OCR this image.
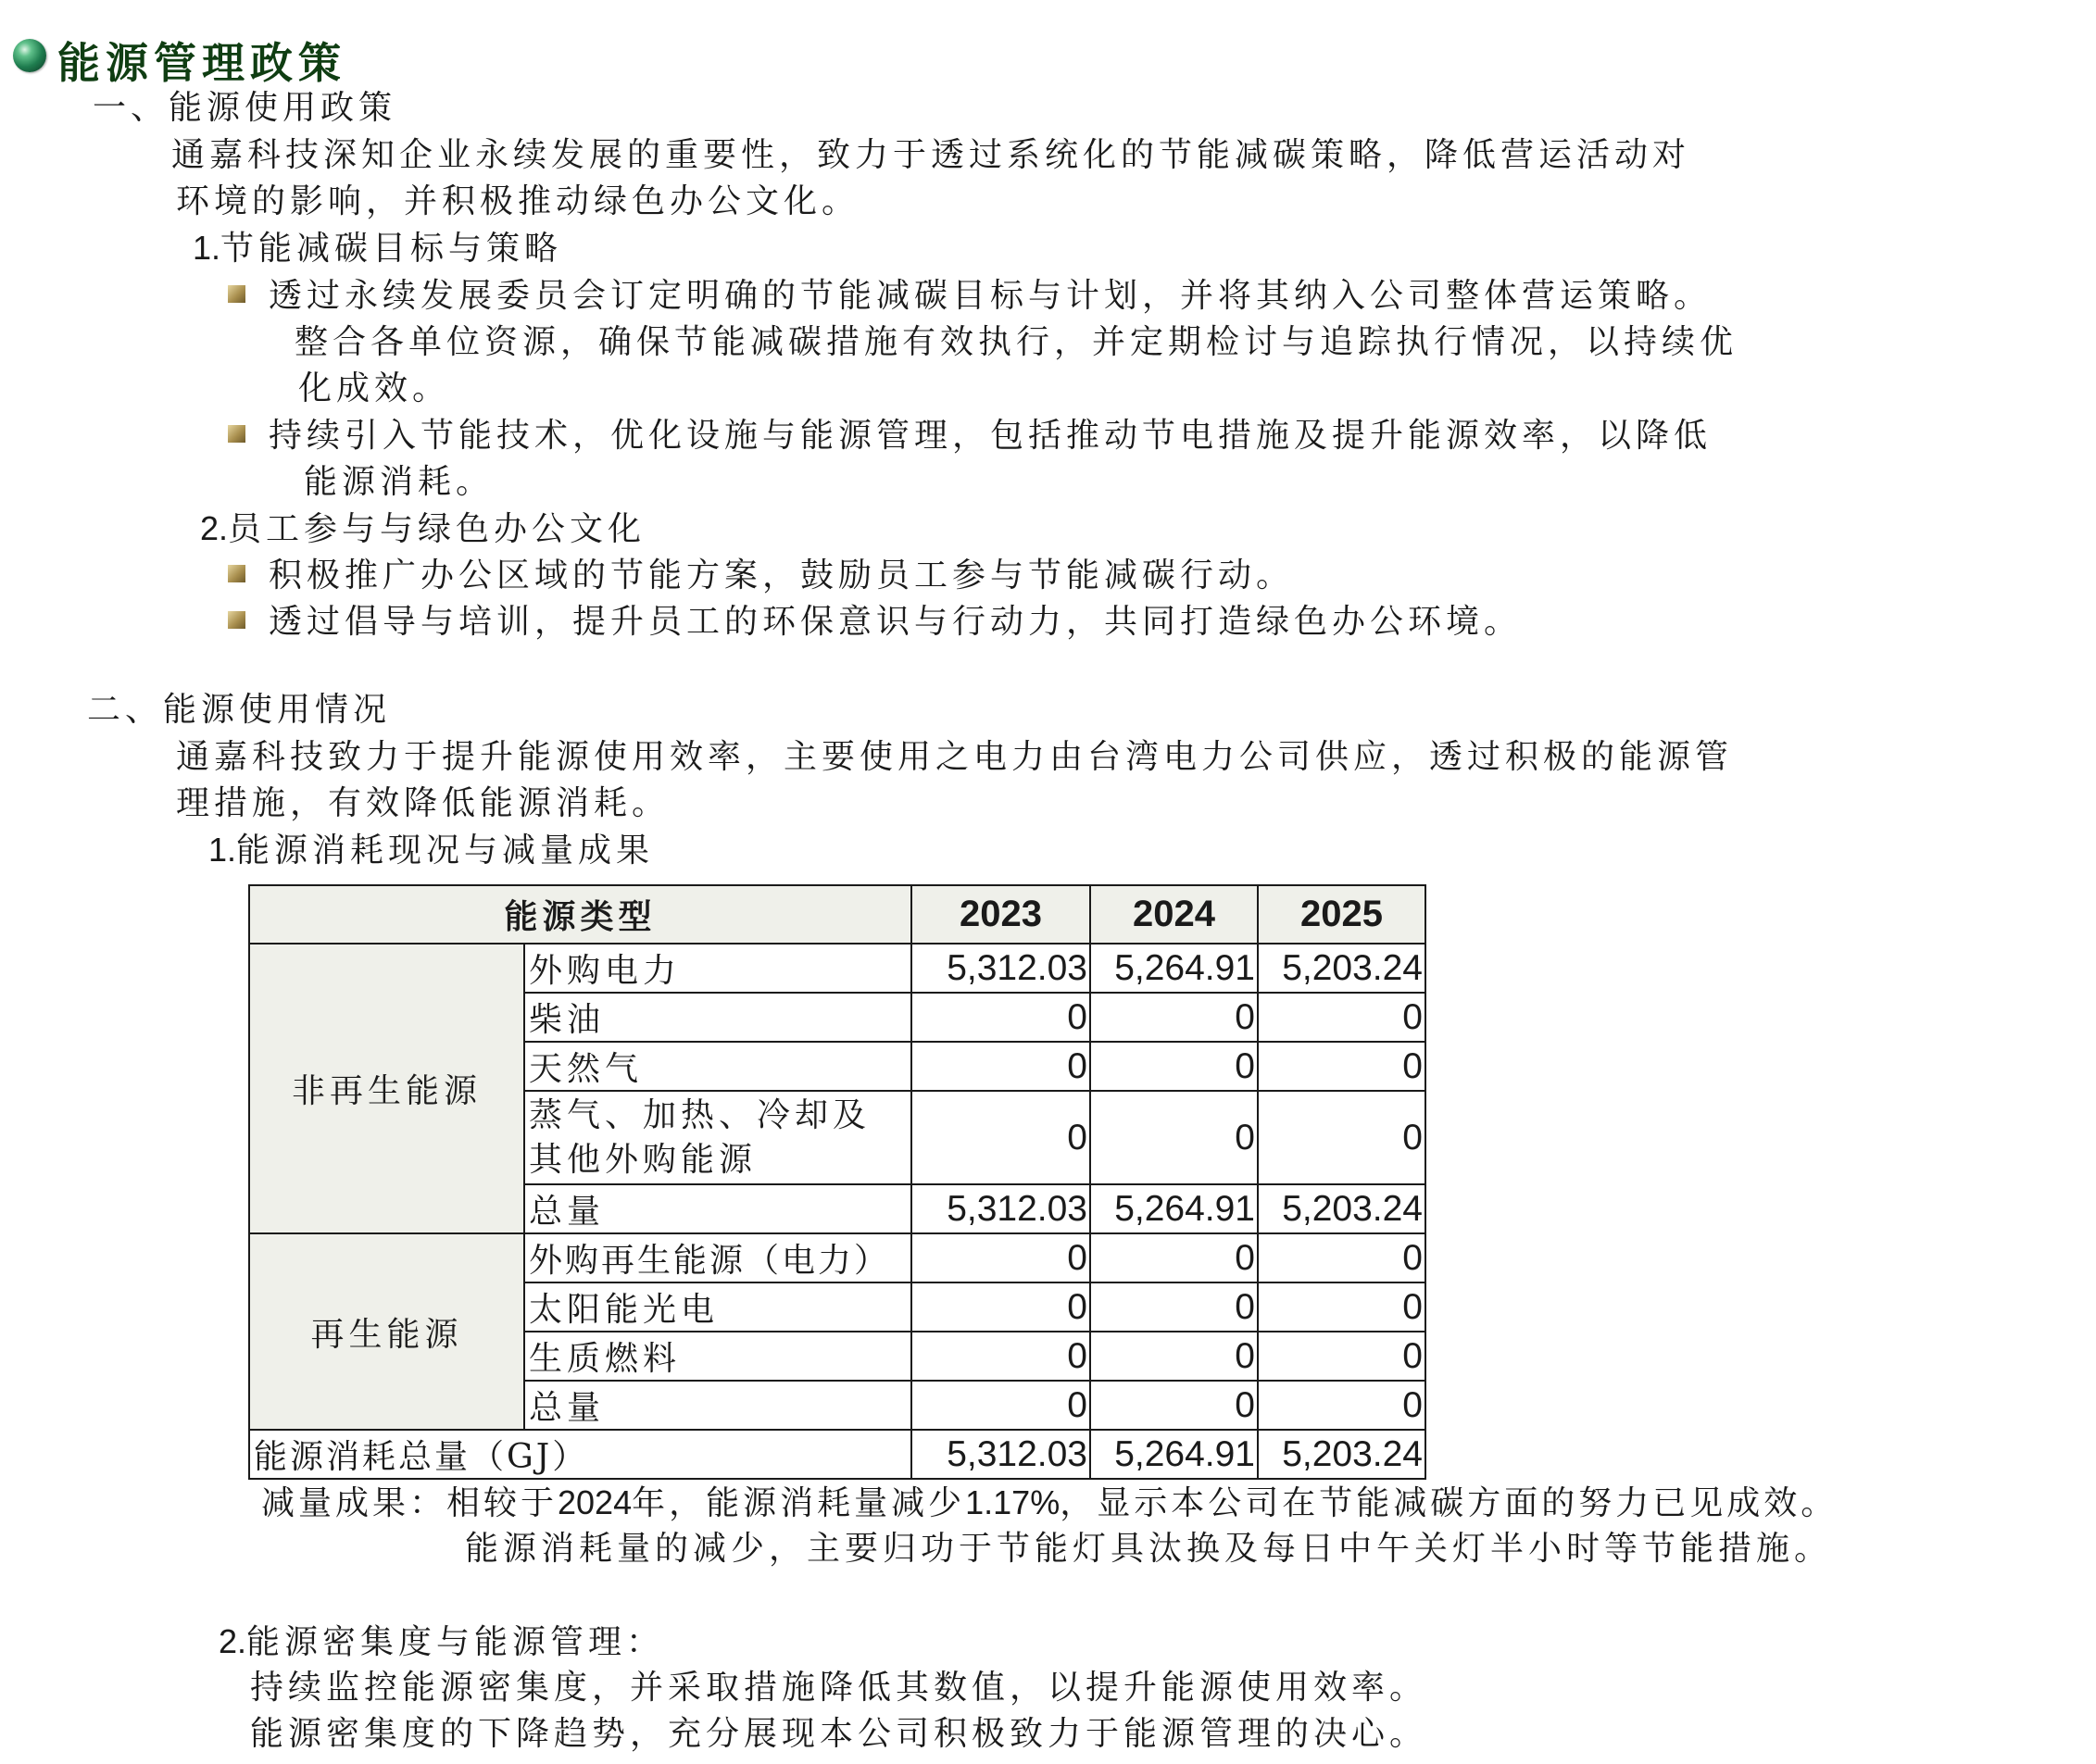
能源管理政策
一、能源使用政策
通嘉科技深知企业永续发展的重要性，致力于透过系统化的节能减碳策略，降低营运活动对
环境的影响，并积极推动绿色办公文化。
1.节能减碳目标与策略
透过永续发展委员会订定明确的节能减碳目标与计划，并将其纳入公司整体营运策略。
整合各单位资源，确保节能减碳措施有效执行，并定期检讨与追踪执行情况，以持续优
化成效。
持续引入节能技术，优化设施与能源管理，包括推动节电措施及提升能源效率，以降低
能源消耗。
2.员工参与与绿色办公文化
积极推广办公区域的节能方案，鼓励员工参与节能减碳行动。
透过倡导与培训，提升员工的环保意识与行动力，共同打造绿色办公环境。
二、能源使用情况
通嘉科技致力于提升能源使用效率，主要使用之电力由台湾电力公司供应，透过积极的能源管
理措施，有效降低能源消耗。
1.能源消耗现况与减量成果
能源类型		2023	2024	2025
非再生能源	外购电力	5,312.03	5,264.91	5,203.24
	柴油	0	0	0
	天然气	0	0	0

	蒸气、加热、冷却及
其他外购能源	0	0	0
	总量	5,312.03	5,264.91	5,203.24
再生能源	外购再生能源（电力）	0	0	0
	太阳能光电	0	0	0
	生质燃料	0	0	0
	总量	0	0	0
能源消耗总量（GJ）		5,312.03	5,264.91	5,203.24
减量成果：相较于2024年，能源消耗量减少1.17%，显示本公司在节能减碳方面的努力已见成效。
能源消耗量的减少，主要归功于节能灯具汰换及每日中午关灯半小时等节能措施。
2.能源密集度与能源管理：
持续监控能源密集度，并采取措施降低其数值，以提升能源使用效率。
能源密集度的下降趋势，充分展现本公司积极致力于能源管理的决心。
